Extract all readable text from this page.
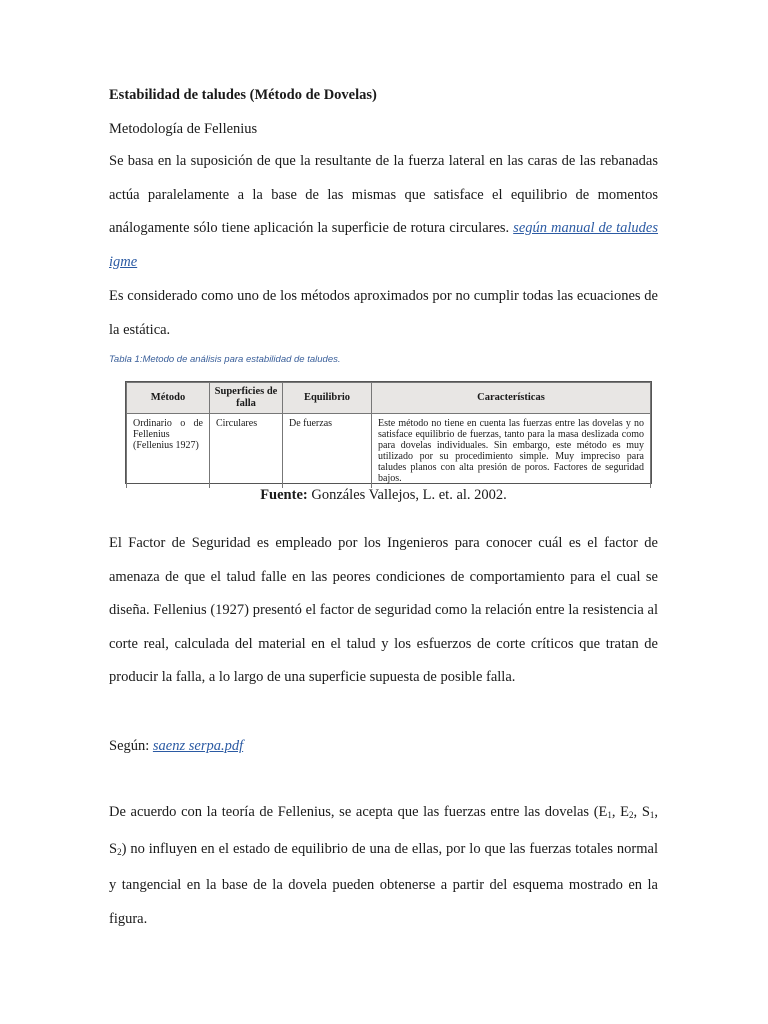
Estabilidad de taludes (Método de Dovelas)
Metodología de Fellenius
Se basa en la suposición de que la resultante de la fuerza lateral en las caras de las rebanadas actúa paralelamente a la base de las mismas que satisface el equilibrio de momentos análogamente sólo tiene aplicación la superficie de rotura circulares. según manual de taludes igme
Es considerado como uno de los métodos aproximados por no cumplir todas las ecuaciones de la estática.
Tabla 1:Metodo de análisis para estabilidad de taludes.
Método	Superficies de falla	Equilibrio	Características
Ordinario o de Fellenius (Fellenius 1927)	Circulares	De fuerzas	Este método no tiene en cuenta las fuerzas entre las dovelas y no satisface equilibrio de fuerzas, tanto para la masa deslizada como para dovelas individuales. Sin embargo, este método es muy utilizado por su procedimiento simple. Muy impreciso para taludes planos con alta presión de poros. Factores de seguridad bajos.
Fuente: Gonzáles Vallejos, L. et. al. 2002.
El Factor de Seguridad es empleado por los Ingenieros para conocer cuál es el factor de amenaza de que el talud falle en las peores condiciones de comportamiento para el cual se diseña. Fellenius (1927) presentó el factor de seguridad como la relación entre la resistencia al corte real, calculada del material en el talud y los esfuerzos de corte críticos que tratan de producir la falla, a lo largo de una superficie supuesta de posible falla.
Según: saenz serpa.pdf
De acuerdo con la teoría de Fellenius, se acepta que las fuerzas entre las dovelas ($E_1$, $E_2$, $S_1$, $S_2$) no influyen en el estado de equilibrio de una de ellas, por lo que las fuerzas totales normal y tangencial en la base de la dovela pueden obtenerse a partir del esquema mostrado en la figura.
